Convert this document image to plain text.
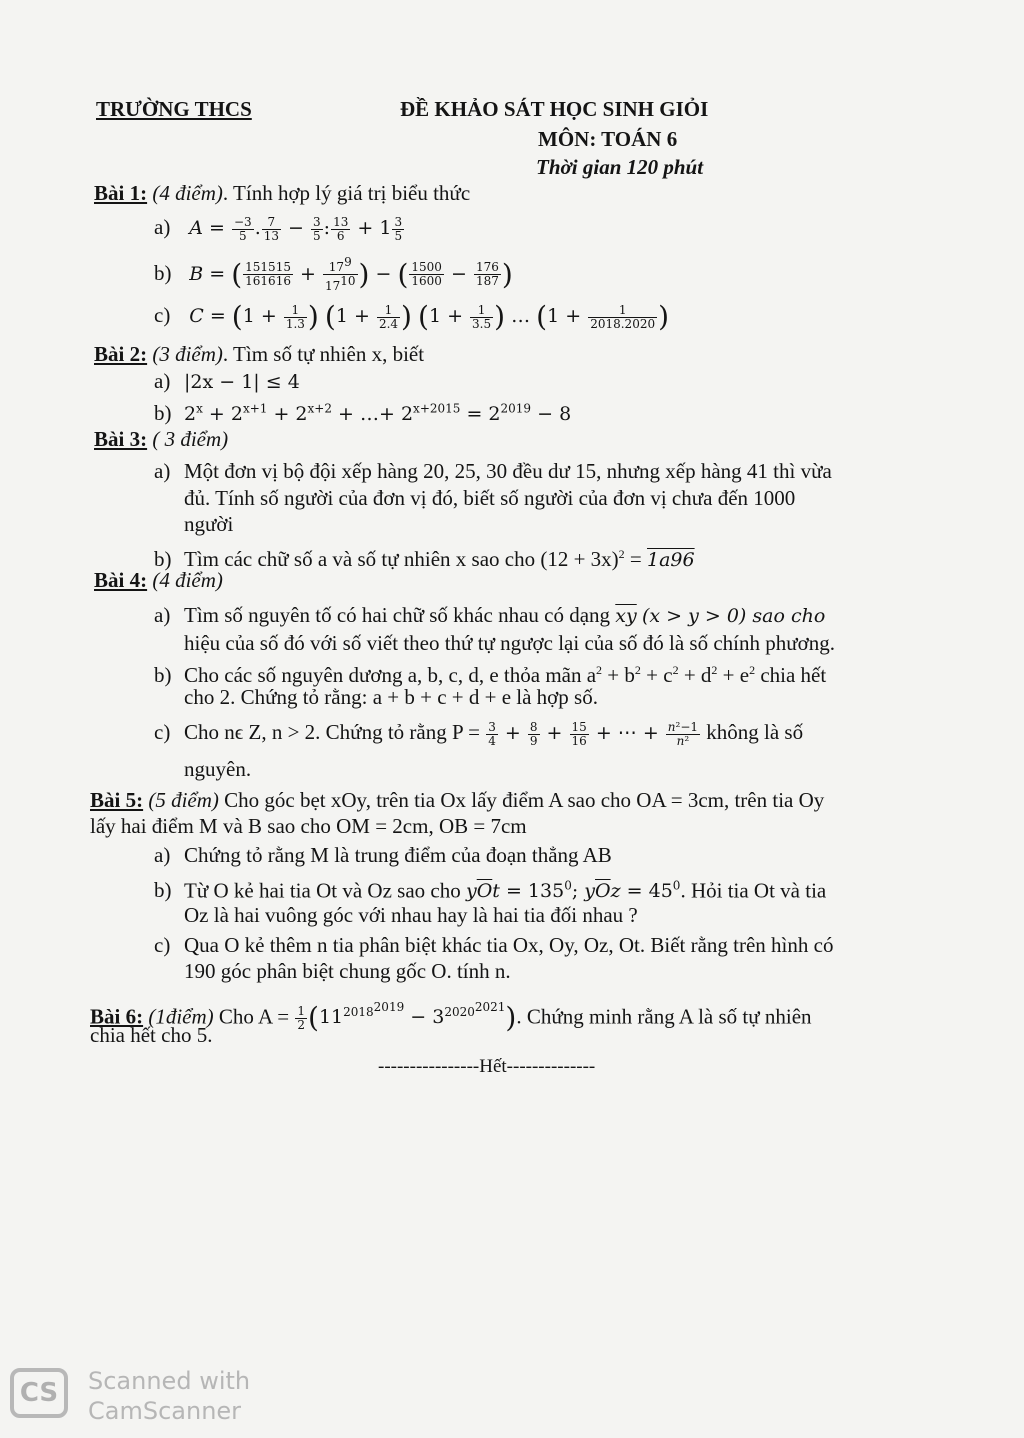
TRƯỜNG THCS	ĐỀ KHẢO SÁT HỌC SINH GIỎI
MÔN: TOÁN 6
Thời gian 120 phút
Bài 1: (4 điểm). Tính hợp lý giá trị biểu thức
a) $A = \frac{-3}{5}$ . $\frac{7}{13} - \frac{3}{5}$ : $\frac{13}{6} + 1 \frac{3}{5}$
b) B = ( $\frac{151515}{161616} + \frac{17^9}{17^{10}}$ ) − ( $\frac{1500}{1600} - \frac{176}{187}$ )
c) $C = (1 + \frac{1}{1.3}$ ) ($1 + \frac{1}{2.4}$ ) ($1 + \frac{1}{3.5}$ ) … ($1 + \frac{1}{2018.2020}$ )
Bài 2: (3 điểm). Tìm số tự nhiên x, biết
a) |2x − 1| ≤ 4
b) $2^x + 2^{x+1} + 2^{x+2}$ + …+ $2^{x+2015} = 2^{2019} - 8$
Bài 3: ( 3 điểm)
a) Một đơn vị bộ đội xếp hàng 20, 25, 30 đều dư 15, nhưng xếp hàng 41 thì vừa
đủ. Tính số người của đơn vị đó, biết số người của đơn vị chưa đến 1000
người
b) Tìm các chữ số a và số tự nhiên x sao cho $(12 + 3x)^2 = 1a96$
Bài 4: (4 điểm)
a) Tìm số nguyên tố có hai chữ số khác nhau có dạng $\overline{xy}$ (x > y > 0) sao cho
hiệu của số đó với số viết theo thứ tự ngược lại của số đó là số chính phương.
b) Cho các số nguyên dương a, b, c, d, e thỏa mãn $a^2 + b^2 + c^2 + d^2 + e^2$ chia hết
cho 2. Chứng tỏ rằng: a + b + c + d + e là hợp số.
c) Cho nϵ Z, n > 2. Chứng tỏ rằng $P = \frac{3}{4} + \frac{8}{9} + \frac{15}{16}$ + ⋯ + $\frac{\text{n²−1}}{\text{n²}}$ không là số
nguyên.
Bài 5: (5 điểm) Cho góc bẹt xOy, trên tia Ox lấy điểm A sao cho OA = 3cm, trên tia Oy
lấy hai điểm M và B sao cho OM = 2cm, OB = 7cm
a) Chứng tỏ rằng M là trung điểm của đoạn thẳng AB
b) Từ O kẻ hai tia Ot và Oz sao cho $y\overline{O}t = 135^0$; $y\overline{O}z = 45^0$. Hỏi tia Ot và tia
Oz là hai vuông góc với nhau hay là hai tia đối nhau ?
c) Qua O kẻ thêm n tia phân biệt khác tia Ox, Oy, Oz, Ot. Biết rằng trên hình có
190 góc phân biệt chung gốc O. tính n.
Bài 6: (1điểm) Cho $A = \frac{1}{2} (11^{2018^{2019}} - 3^{2020^{2021}})$. Chứng minh rằng A là số tự nhiên
chia hết cho 5.
----------------Hết--------------
CS	Scanned with
CamScanner
